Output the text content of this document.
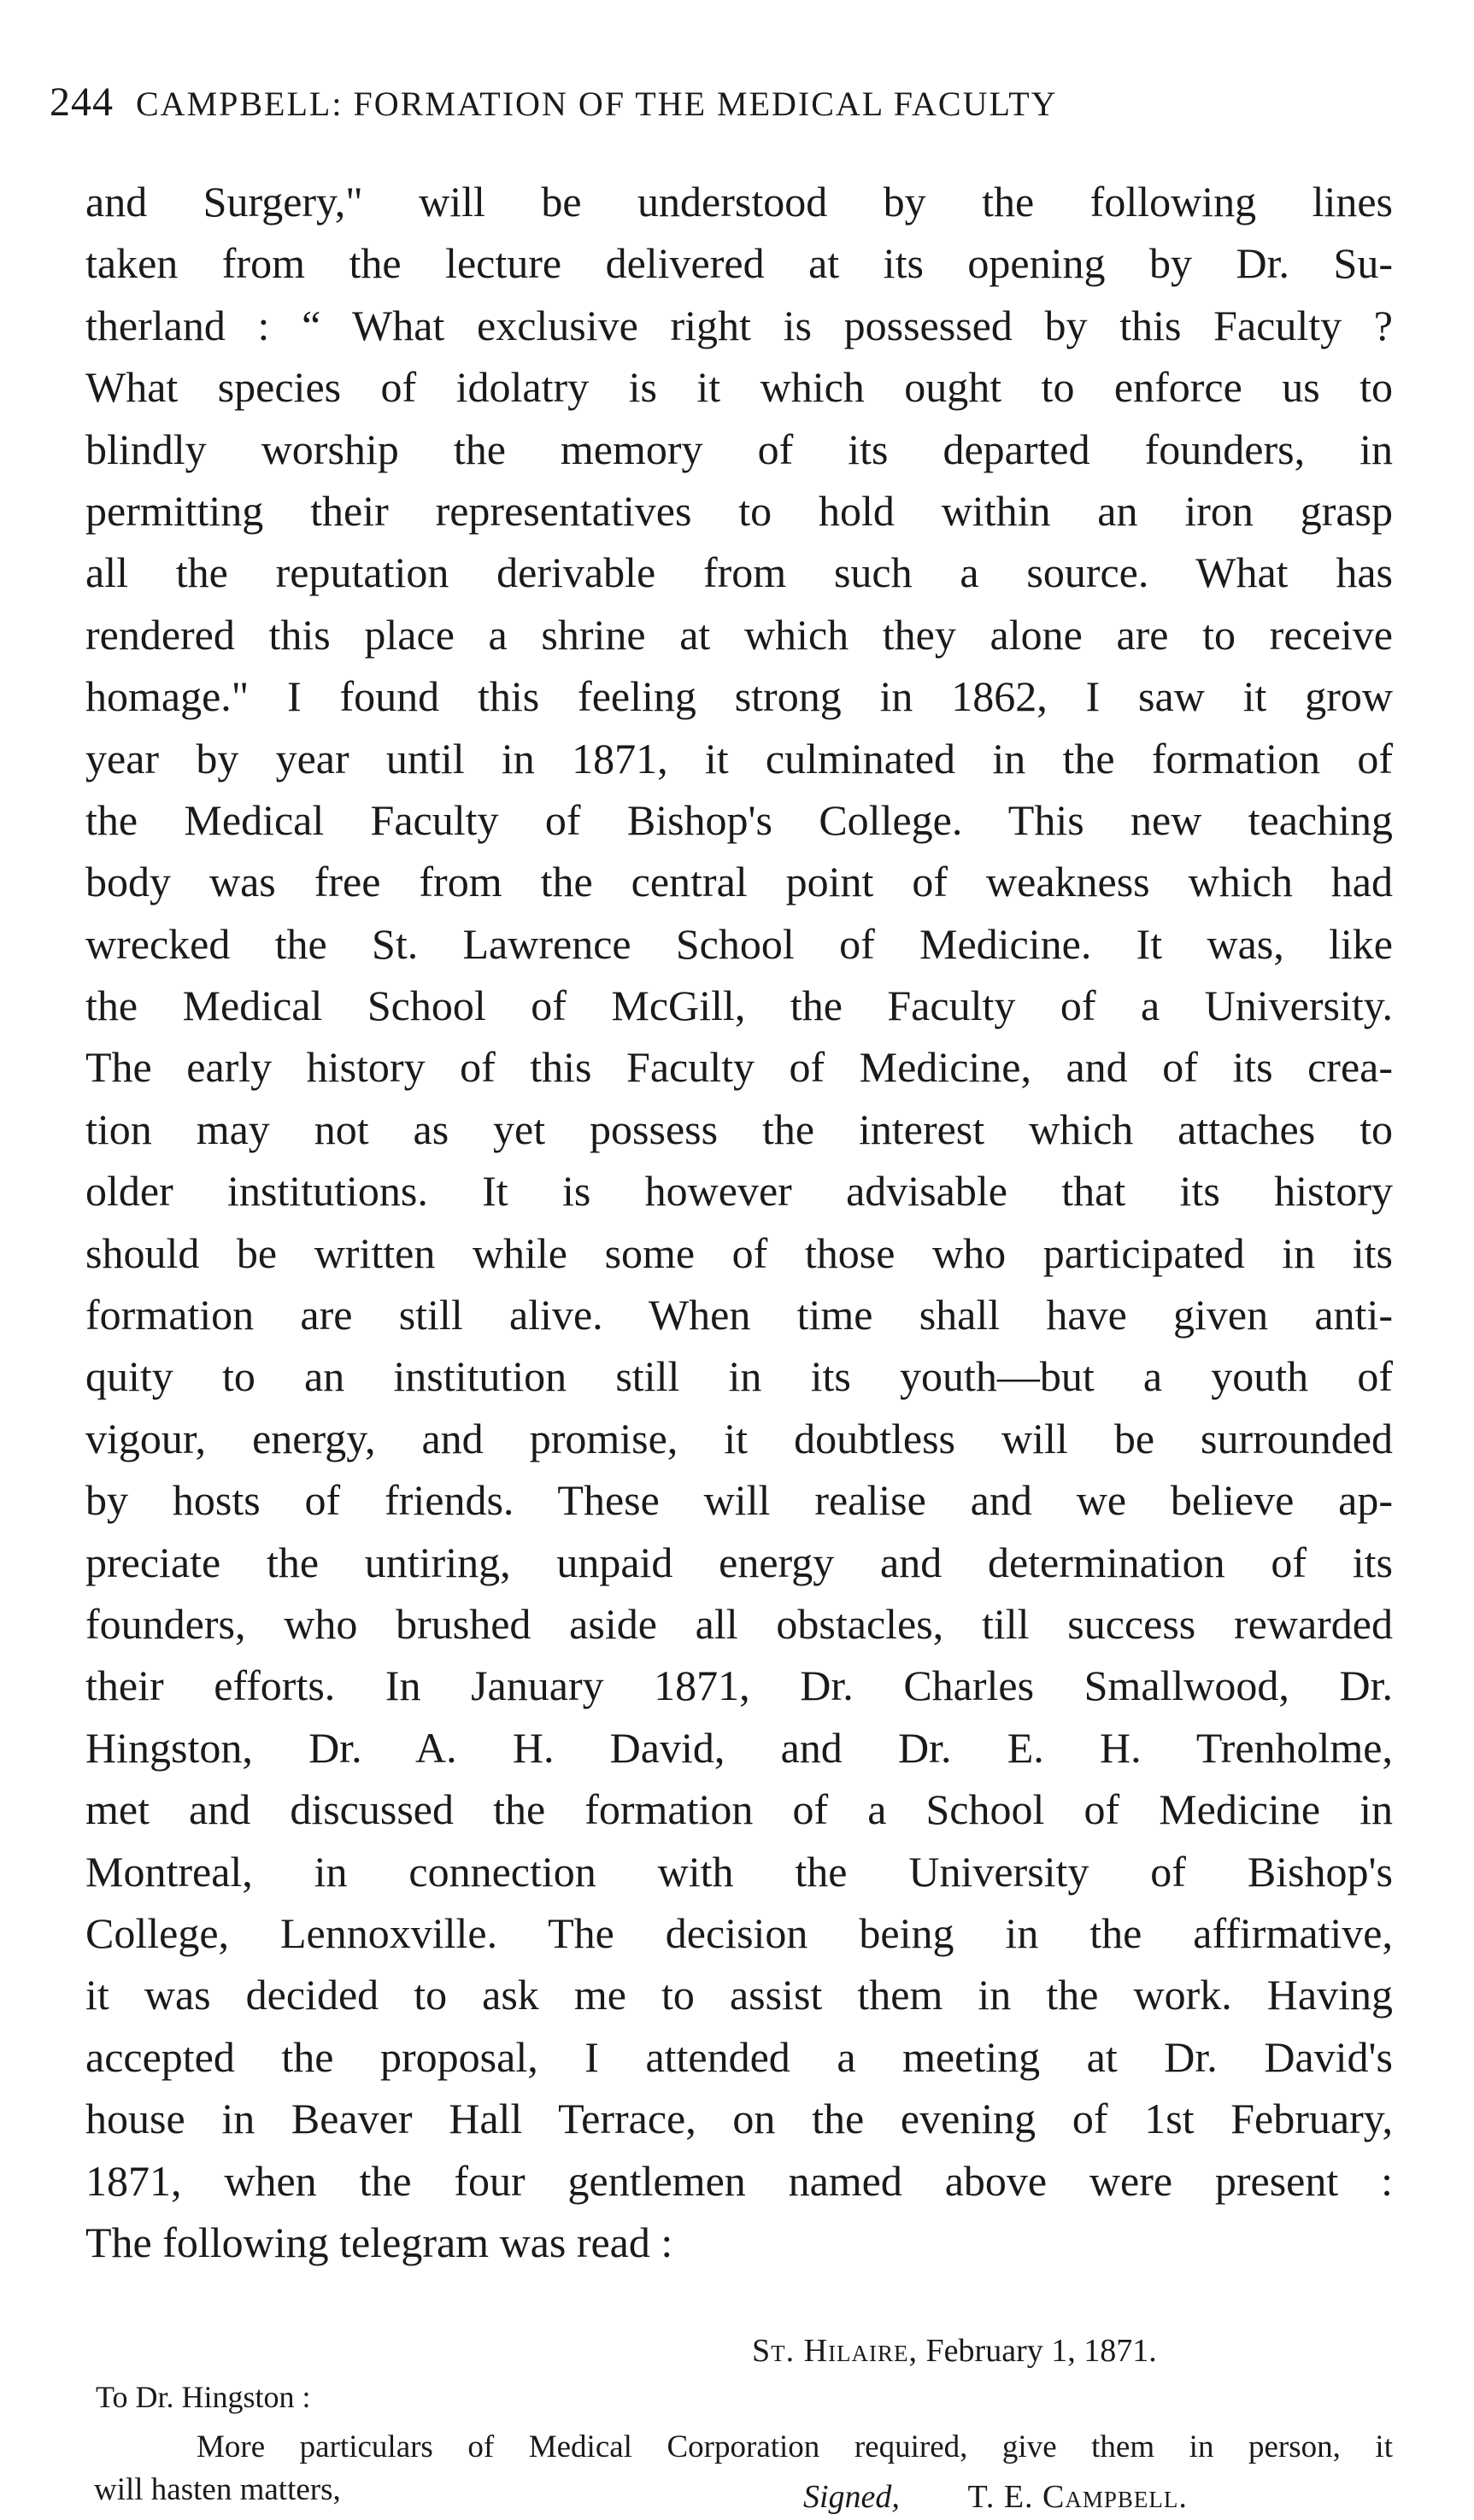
244 CAMPBELL: FORMATION OF THE MEDICAL FACULTY
and Surgery," will be understood by the following lines
taken from the lecture delivered at its opening by Dr. Su-
therland : “ What exclusive right is possessed by this Faculty ?
What species of idolatry is it which ought to enforce us to
blindly worship the memory of its departed founders, in
permitting their representatives to hold within an iron grasp
all the reputation derivable from such a source. What has
rendered this place a shrine at which they alone are to receive
homage." I found this feeling strong in 1862, I saw it grow
year by year until in 1871, it culminated in the formation of
the Medical Faculty of Bishop's College. This new teaching
body was free from the central point of weakness which had
wrecked the St. Lawrence School of Medicine. It was, like
the Medical School of McGill, the Faculty of a University.
The early history of this Faculty of Medicine, and of its crea-
tion may not as yet possess the interest which attaches to
older institutions. It is however advisable that its history
should be written while some of those who participated in its
formation are still alive. When time shall have given anti-
quity to an institution still in its youth—but a youth of
vigour, energy, and promise, it doubtless will be surrounded
by hosts of friends. These will realise and we believe ap-
preciate the untiring, unpaid energy and determination of its
founders, who brushed aside all obstacles, till success rewarded
their efforts. In January 1871, Dr. Charles Smallwood, Dr.
Hingston, Dr. A. H. David, and Dr. E. H. Trenholme,
met and discussed the formation of a School of Medicine in
Montreal, in connection with the University of Bishop's
College, Lennoxville. The decision being in the affirmative,
it was decided to ask me to assist them in the work. Having
accepted the proposal, I attended a meeting at Dr. David's
house in Beaver Hall Terrace, on the evening of 1st February,
1871, when the four gentlemen named above were present :
The following telegram was read :
St. Hilaire, February 1, 1871.
To Dr. Hingston :
More particulars of Medical Corporation required, give them in person, it
will hasten matters,	Signed, T. E. Campbell.
